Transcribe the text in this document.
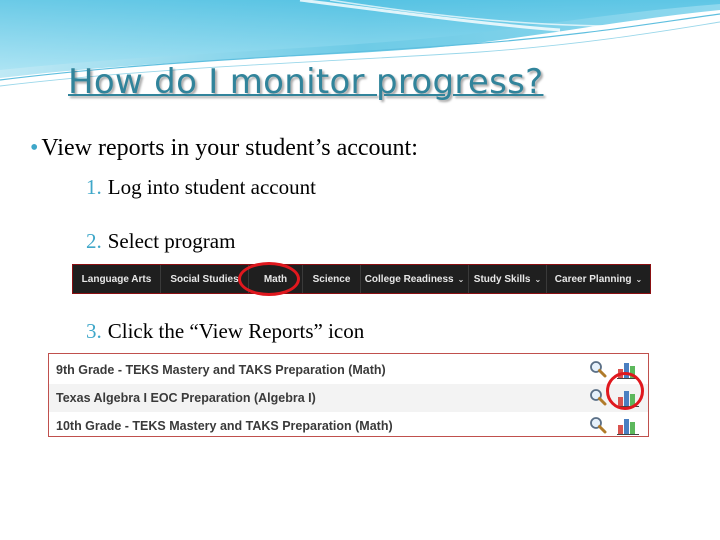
How do I monitor progress?
• View reports in your student’s account:
1. Log into student account
2. Select program
Language Arts Social Studies	Math	Science College Readiness ⌄ Study Skills ⌄ Career Planning ⌄
3. Click the “View Reports” icon
9th Grade - TEKS Mastery and TAKS Preparation (Math)
Texas Algebra I EOC Preparation (Algebra I)
10th Grade - TEKS Mastery and TAKS Preparation (Math)
